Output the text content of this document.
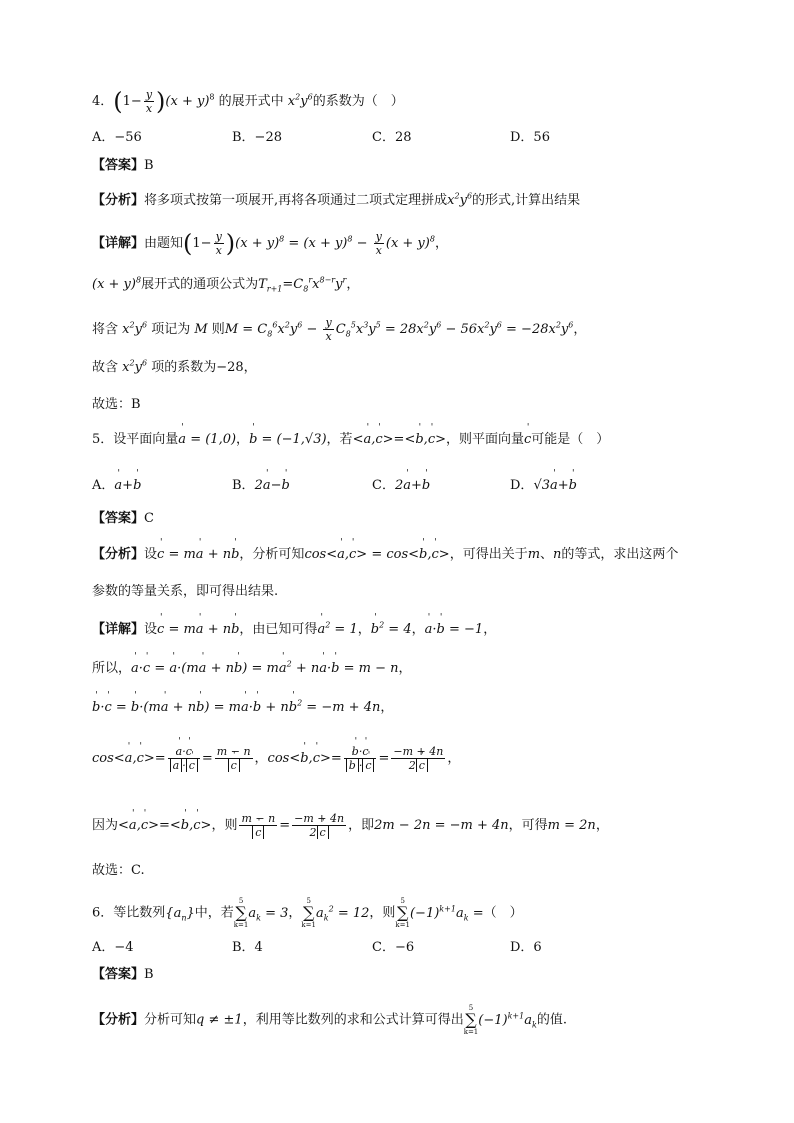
4．$(1- \frac{y}{x} )(x + y)^8$ 的展开式中 $x^2y^6$的系数为（　）
A．−56	B．−28	C．28	D．56
【答案】B
【分析】将多项式按第一项展开,再将各项通过二项式定理拼成$x^2y^6$的形式,计算出结果
【详解】由题知$(1- \frac{y}{x} )(x + y)^8 = (x + y)^8 - \frac{y}{x} (x + y)^8$，
$(x + y)^8$展开式的通项公式为$T_{r+1}=C_8^rx^{8-r}y^r$，
将含 $x^2y^6$ 项记为 M 则$M = C_8^6x^2y^6 - \frac{y}{x} C_8^5x^3y^5 = 28x^2y^6 - 56x^2y^6 = -28x^2y^6$，
故含 $x^2y^6$ 项的系数为−28，
故选：B
5．设平面向量' a = (1,0)，' b = (−1,√3)，若<' a,' c>=<' b,' c>，则平面向量' c可能是（　）
A．' a+' b	B．2' a−' b	C．2' a+' b	D．√3' a+' b
【答案】C
【分析】设' c = m' a + n' b，分析可知cos<' a,' c> = cos<' b,' c>，可得出关于m、n的等式，求出这两个
参数的等量关系，即可得出结果.
【详解】设' c = m' a + n' b，由已知可得' $a^2 = 1$，' $b^2 = 4$，' a·' b = −1，
所以，' a·' c = ' a·(m' a + n' b) = m' $a^2 + n'$ a·' b = m − n，
' b·' c = ' b·(m' a + n' b) = m' a·' b + n' $b^2 = -m + 4n$，
cos<' a,' c>= ' a·' c
' a · ' c = m − n
' c ，cos<' b,' c>= ' b·' c
' b · ' $c = \frac{-m + 4n}{2 ' c}$ ，
因为<' a,' c>=<' b,' c>，则 m − n
' $c = \frac{-m + 4n}{2 ' c}$ ，即2m − 2n = −m + 4n，可得m = 2n，
故选：C.
6．等比数列$\{a_n\}$中，若5
∑
$k=1a_k = 3$，5
∑
$k=1a_k^2 = 12$，则5
∑
$k=1(-1)^{k+1}a_k$ =（　）
A．−4	B．4	C．−6	D．6
【答案】B
【分析】分析可知q ≠ ±1，利用等比数列的求和公式计算可得出5
∑
$k=1(-1)^{k+1}a_k$的值.
